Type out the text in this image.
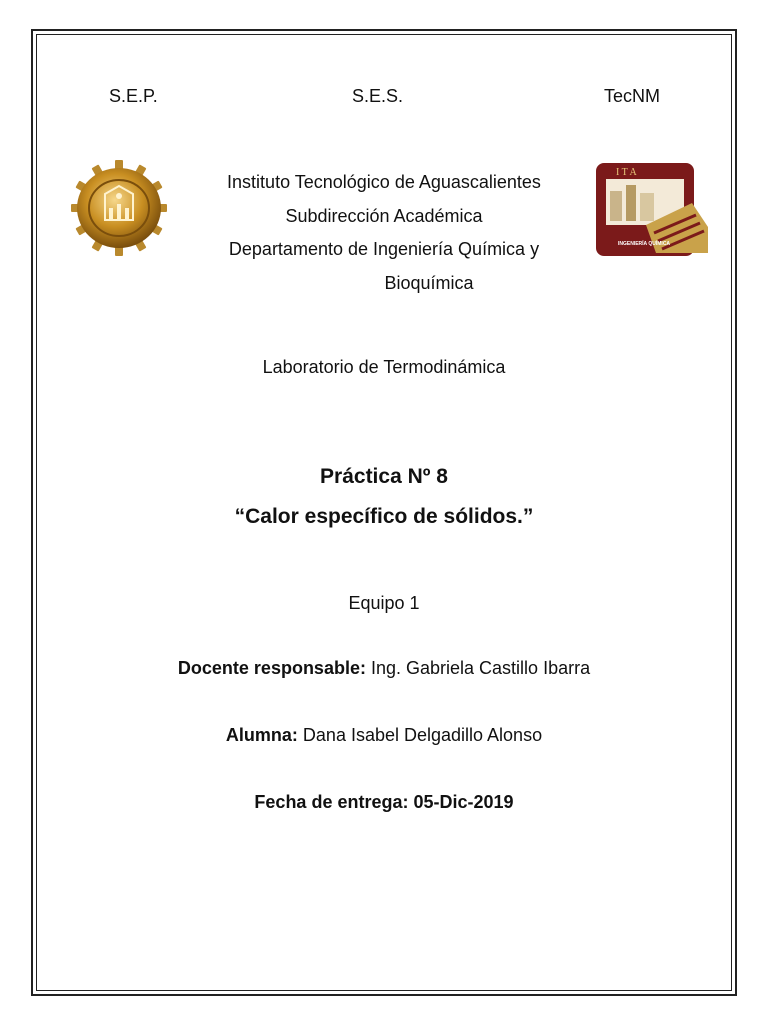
S.E.P.	S.E.S.	TecNM
I T A
INGENIERÍA QUÍMICA
Instituto Tecnológico de Aguascalientes
Subdirección Académica
Departamento de Ingeniería Química y
Bioquímica
Laboratorio de Termodinámica
Práctica Nº 8
“Calor específico de sólidos.”
Equipo 1
Docente responsable: Ing. Gabriela Castillo Ibarra
Alumna: Dana Isabel Delgadillo Alonso
Fecha de entrega: 05-Dic-2019
